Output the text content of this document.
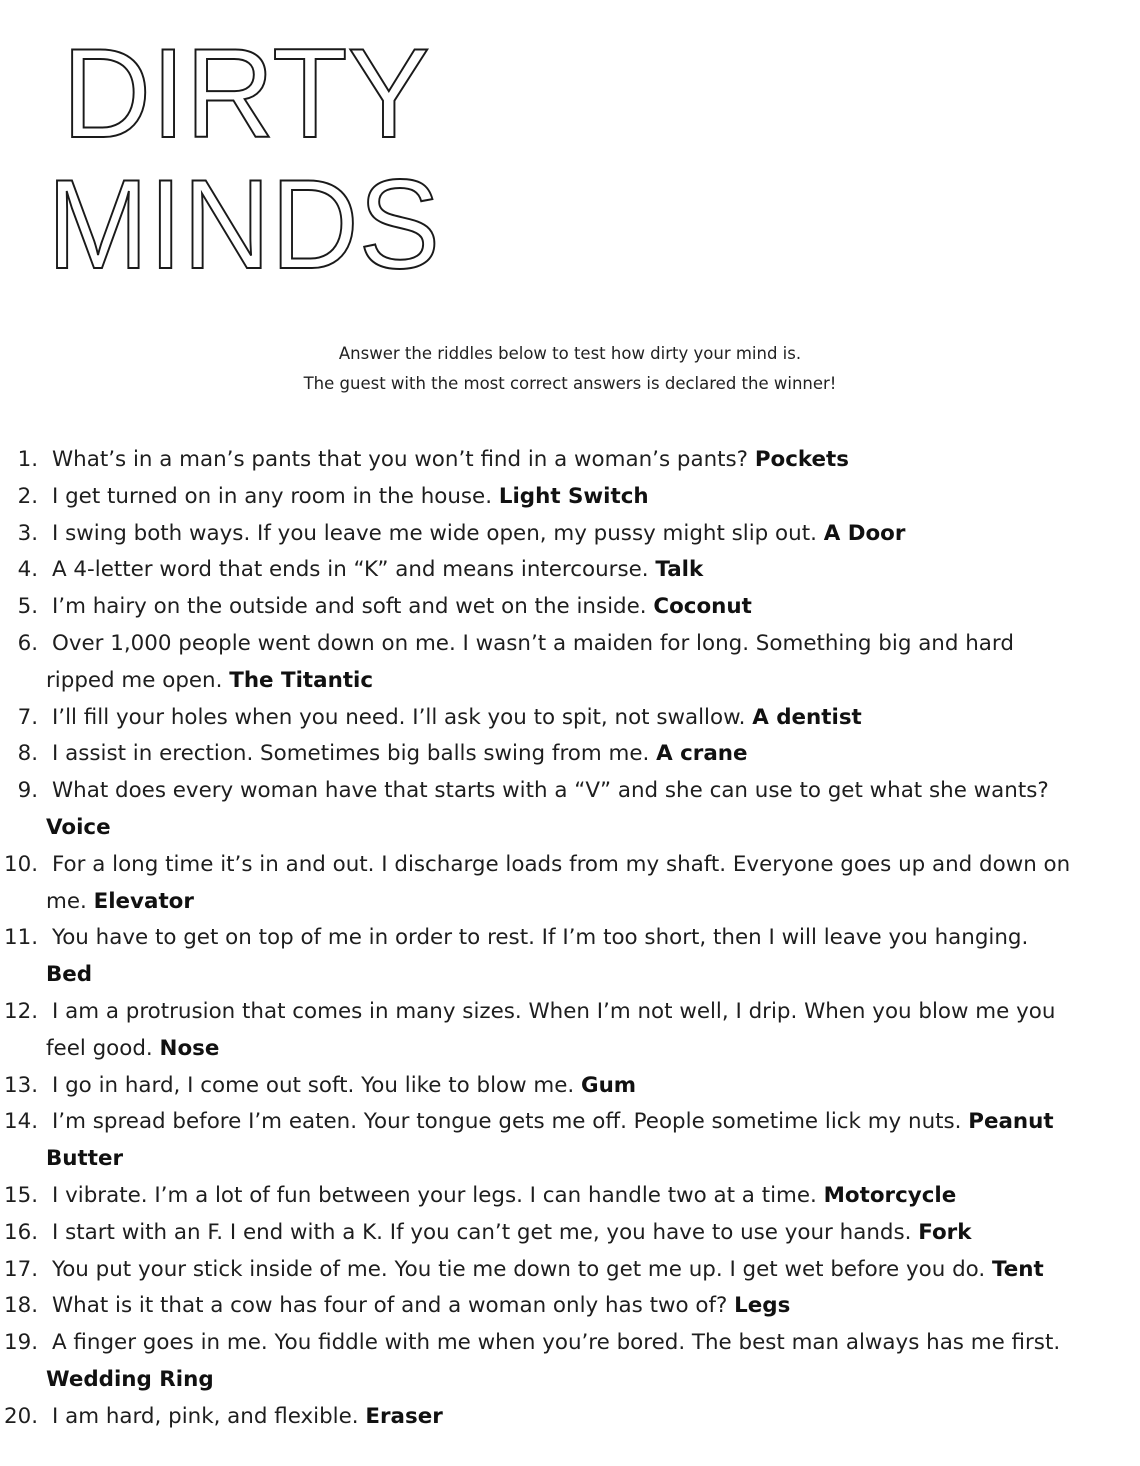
DIRTY
MINDS
Answer the riddles below to test how dirty your mind is.
The guest with the most correct answers is declared the winner!
1. What’s in a man’s pants that you won’t find in a woman’s pants? Pockets
2. I get turned on in any room in the house. Light Switch
3. I swing both ways. If you leave me wide open, my pussy might slip out. A Door
4. A 4-letter word that ends in “K” and means intercourse. Talk
5. I’m hairy on the outside and soft and wet on the inside. Coconut
6. Over 1,000 people went down on me. I wasn’t a maiden for long. Something big and hard
ripped me open. The Titantic
7. I’ll fill your holes when you need. I’ll ask you to spit, not swallow. A dentist
8. I assist in erection. Sometimes big balls swing from me. A crane
9. What does every woman have that starts with a “V” and she can use to get what she wants?
Voice
10. For a long time it’s in and out. I discharge loads from my shaft. Everyone goes up and down on
me. Elevator
11. You have to get on top of me in order to rest. If I’m too short, then I will leave you hanging.
Bed
12. I am a protrusion that comes in many sizes. When I’m not well, I drip. When you blow me you
feel good. Nose
13. I go in hard, I come out soft. You like to blow me. Gum
14. I’m spread before I’m eaten. Your tongue gets me off. People sometime lick my nuts. Peanut
Butter
15. I vibrate. I’m a lot of fun between your legs. I can handle two at a time. Motorcycle
16. I start with an F. I end with a K. If you can’t get me, you have to use your hands. Fork
17. You put your stick inside of me. You tie me down to get me up. I get wet before you do. Tent
18. What is it that a cow has four of and a woman only has two of? Legs
19. A finger goes in me. You fiddle with me when you’re bored. The best man always has me first.
Wedding Ring
20. I am hard, pink, and flexible. Eraser
